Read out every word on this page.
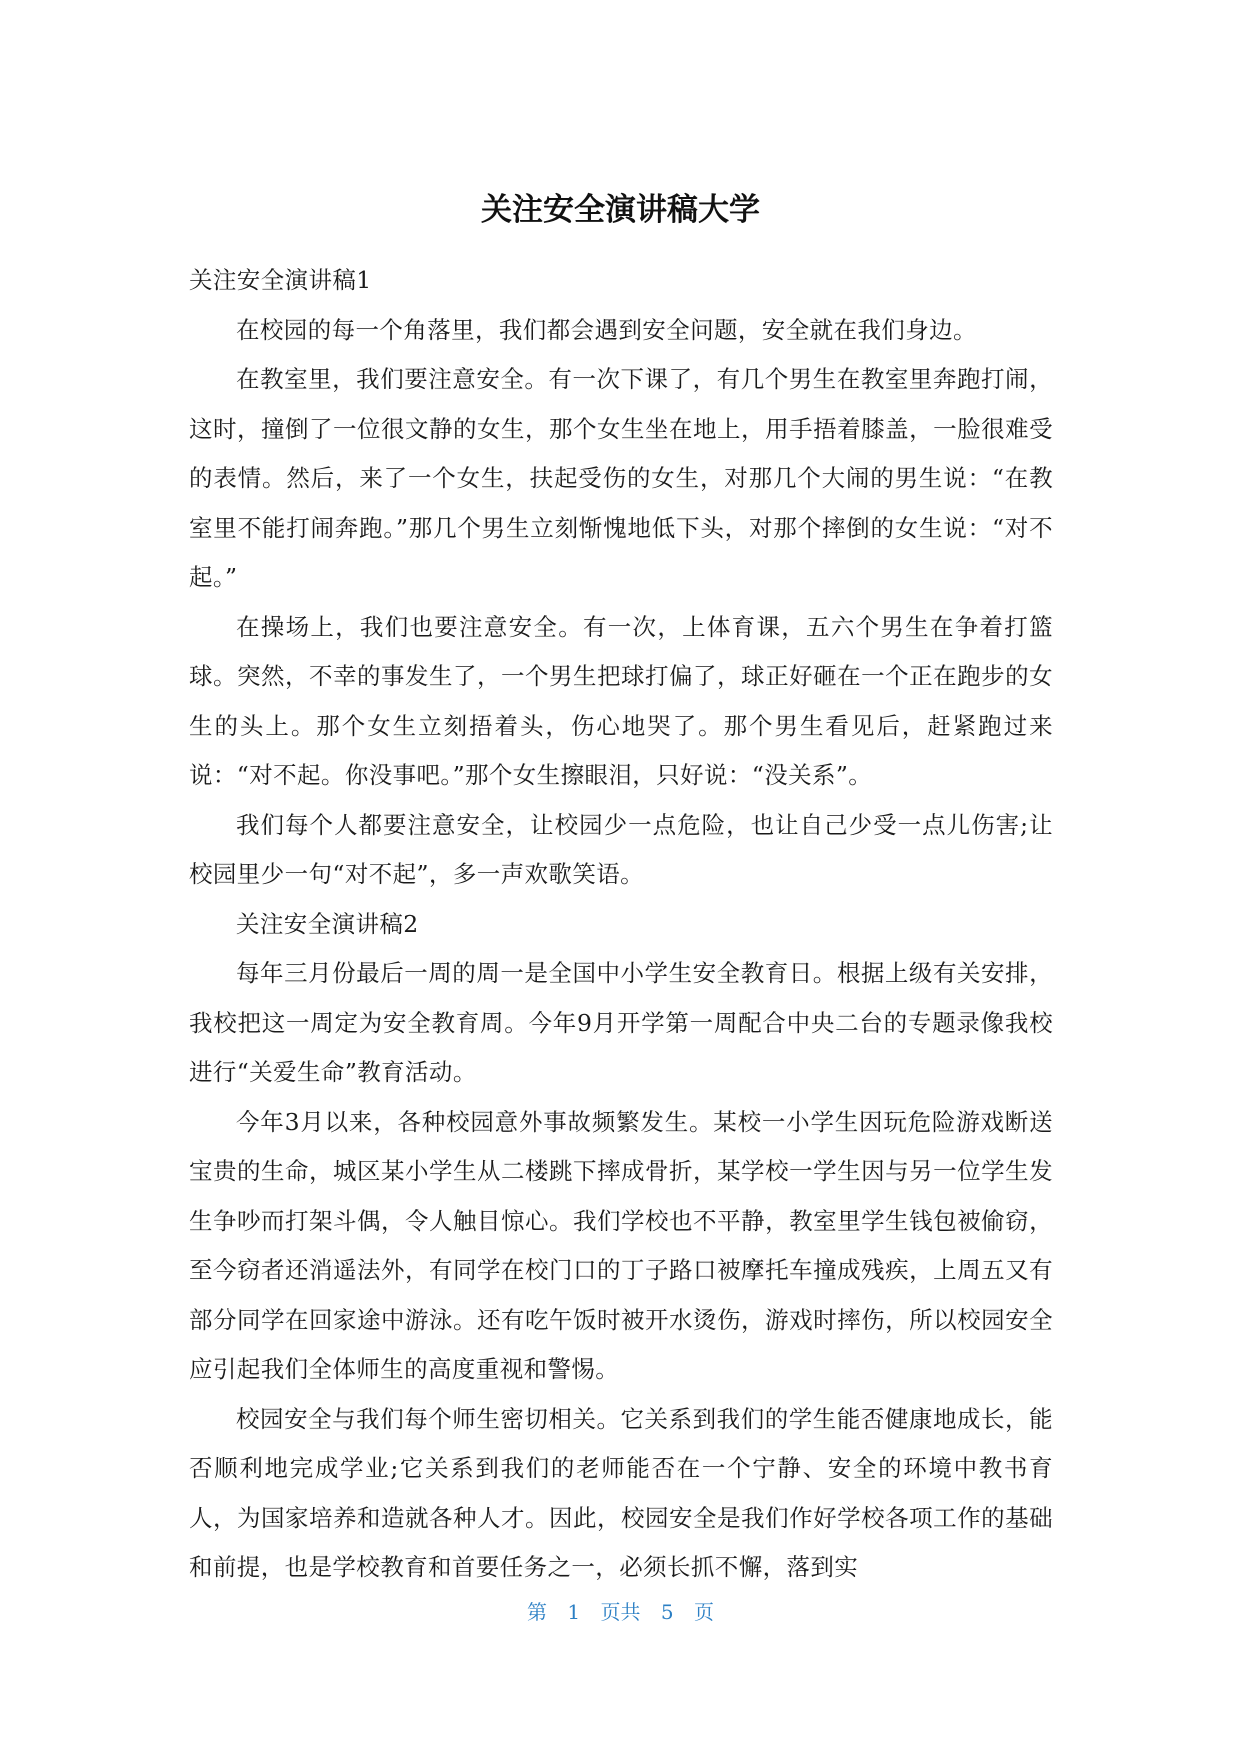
关注安全演讲稿大学

关注安全演讲稿1

在校园的每一个角落里，我们都会遇到安全问题，安全就在我们身边。

在教室里，我们要注意安全。有一次下课了，有几个男生在教室里奔跑打闹，这时，撞倒了一位很文静的女生，那个女生坐在地上，用手捂着膝盖，一脸很难受的表情。然后，来了一个女生，扶起受伤的女生，对那几个大闹的男生说：“在教室里不能打闹奔跑。”那几个男生立刻惭愧地低下头，对那个摔倒的女生说：“对不起。”

在操场上，我们也要注意安全。有一次，上体育课，五六个男生在争着打篮球。突然，不幸的事发生了，一个男生把球打偏了，球正好砸在一个正在跑步的女生的头上。那个女生立刻捂着头，伤心地哭了。那个男生看见后，赶紧跑过来说：“对不起。你没事吧。”那个女生擦眼泪，只好说：“没关系”。

我们每个人都要注意安全，让校园少一点危险，也让自己少受一点儿伤害;让校园里少一句“对不起”，多一声欢歌笑语。

关注安全演讲稿2

每年三月份最后一周的周一是全国中小学生安全教育日。根据上级有关安排，我校把这一周定为安全教育周。今年9月开学第一周配合中央二台的专题录像我校进行“关爱生命”教育活动。

今年3月以来，各种校园意外事故频繁发生。某校一小学生因玩危险游戏断送宝贵的生命，城区某小学生从二楼跳下摔成骨折，某学校一学生因与另一位学生发生争吵而打架斗偶，令人触目惊心。我们学校也不平静，教室里学生钱包被偷窃，至今窃者还消遥法外，有同学在校门口的丁子路口被摩托车撞成残疾，上周五又有部分同学在回家途中游泳。还有吃午饭时被开水烫伤，游戏时摔伤，所以校园安全应引起我们全体师生的高度重视和警惕。

校园安全与我们每个师生密切相关。它关系到我们的学生能否健康地成长，能否顺利地完成学业;它关系到我们的老师能否在一个宁静、安全的环境中教书育人，为国家培养和造就各种人才。因此，校园安全是我们作好学校各项工作的基础和前提，也是学校教育和首要任务之一，必须长抓不懈，落到实

第 1 页共 5 页
